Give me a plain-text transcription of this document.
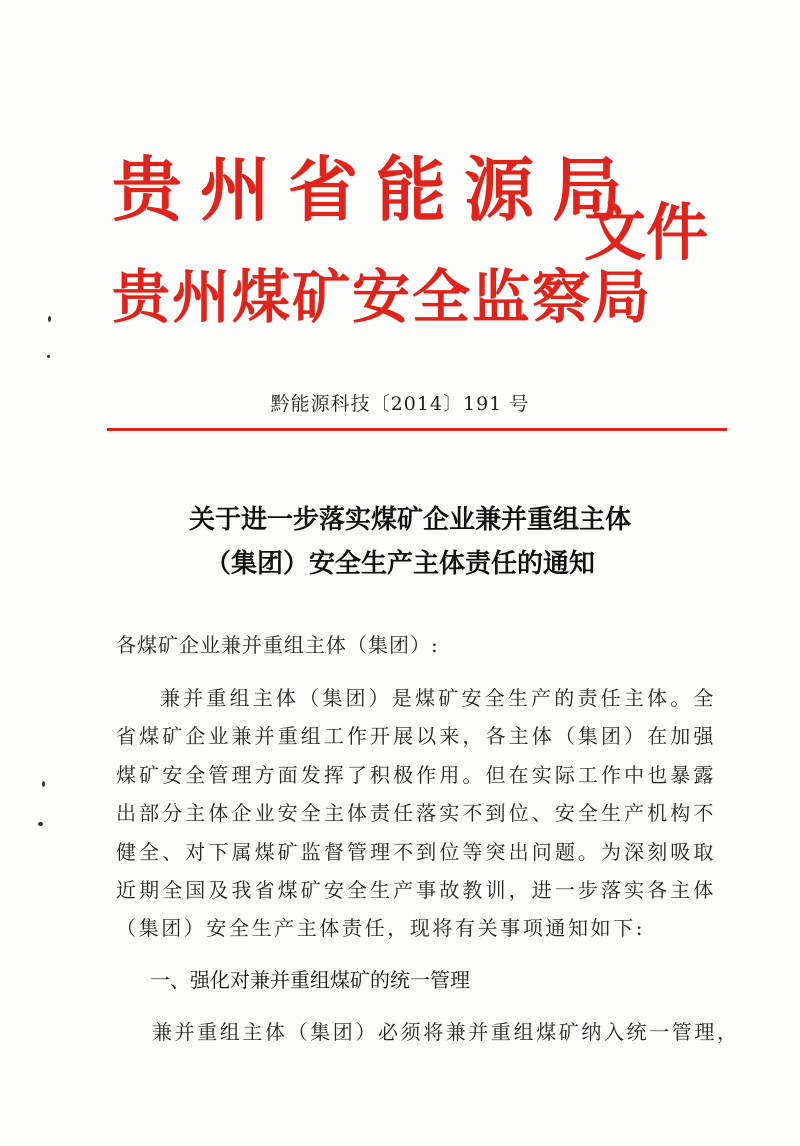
贵州省能源局
贵州煤矿安全监察局
文件
黔能源科技〔2014〕191 号
关于进一步落实煤矿企业兼并重组主体
（集团）安全生产主体责任的通知
各煤矿企业兼并重组主体（集团）:
兼并重组主体（集团）是煤矿安全生产的责任主体。全省煤矿企业兼并重组工作开展以来，各主体（集团）在加强煤矿安全管理方面发挥了积极作用。但在实际工作中也暴露出部分主体企业安全主体责任落实不到位、安全生产机构不健全、对下属煤矿监督管理不到位等突出问题。为深刻吸取近期全国及我省煤矿安全生产事故教训，进一步落实各主体（集团）安全生产主体责任，现将有关事项通知如下:
一、强化对兼并重组煤矿的统一管理
兼并重组主体（集团）必须将兼并重组煤矿纳入统一管理，
